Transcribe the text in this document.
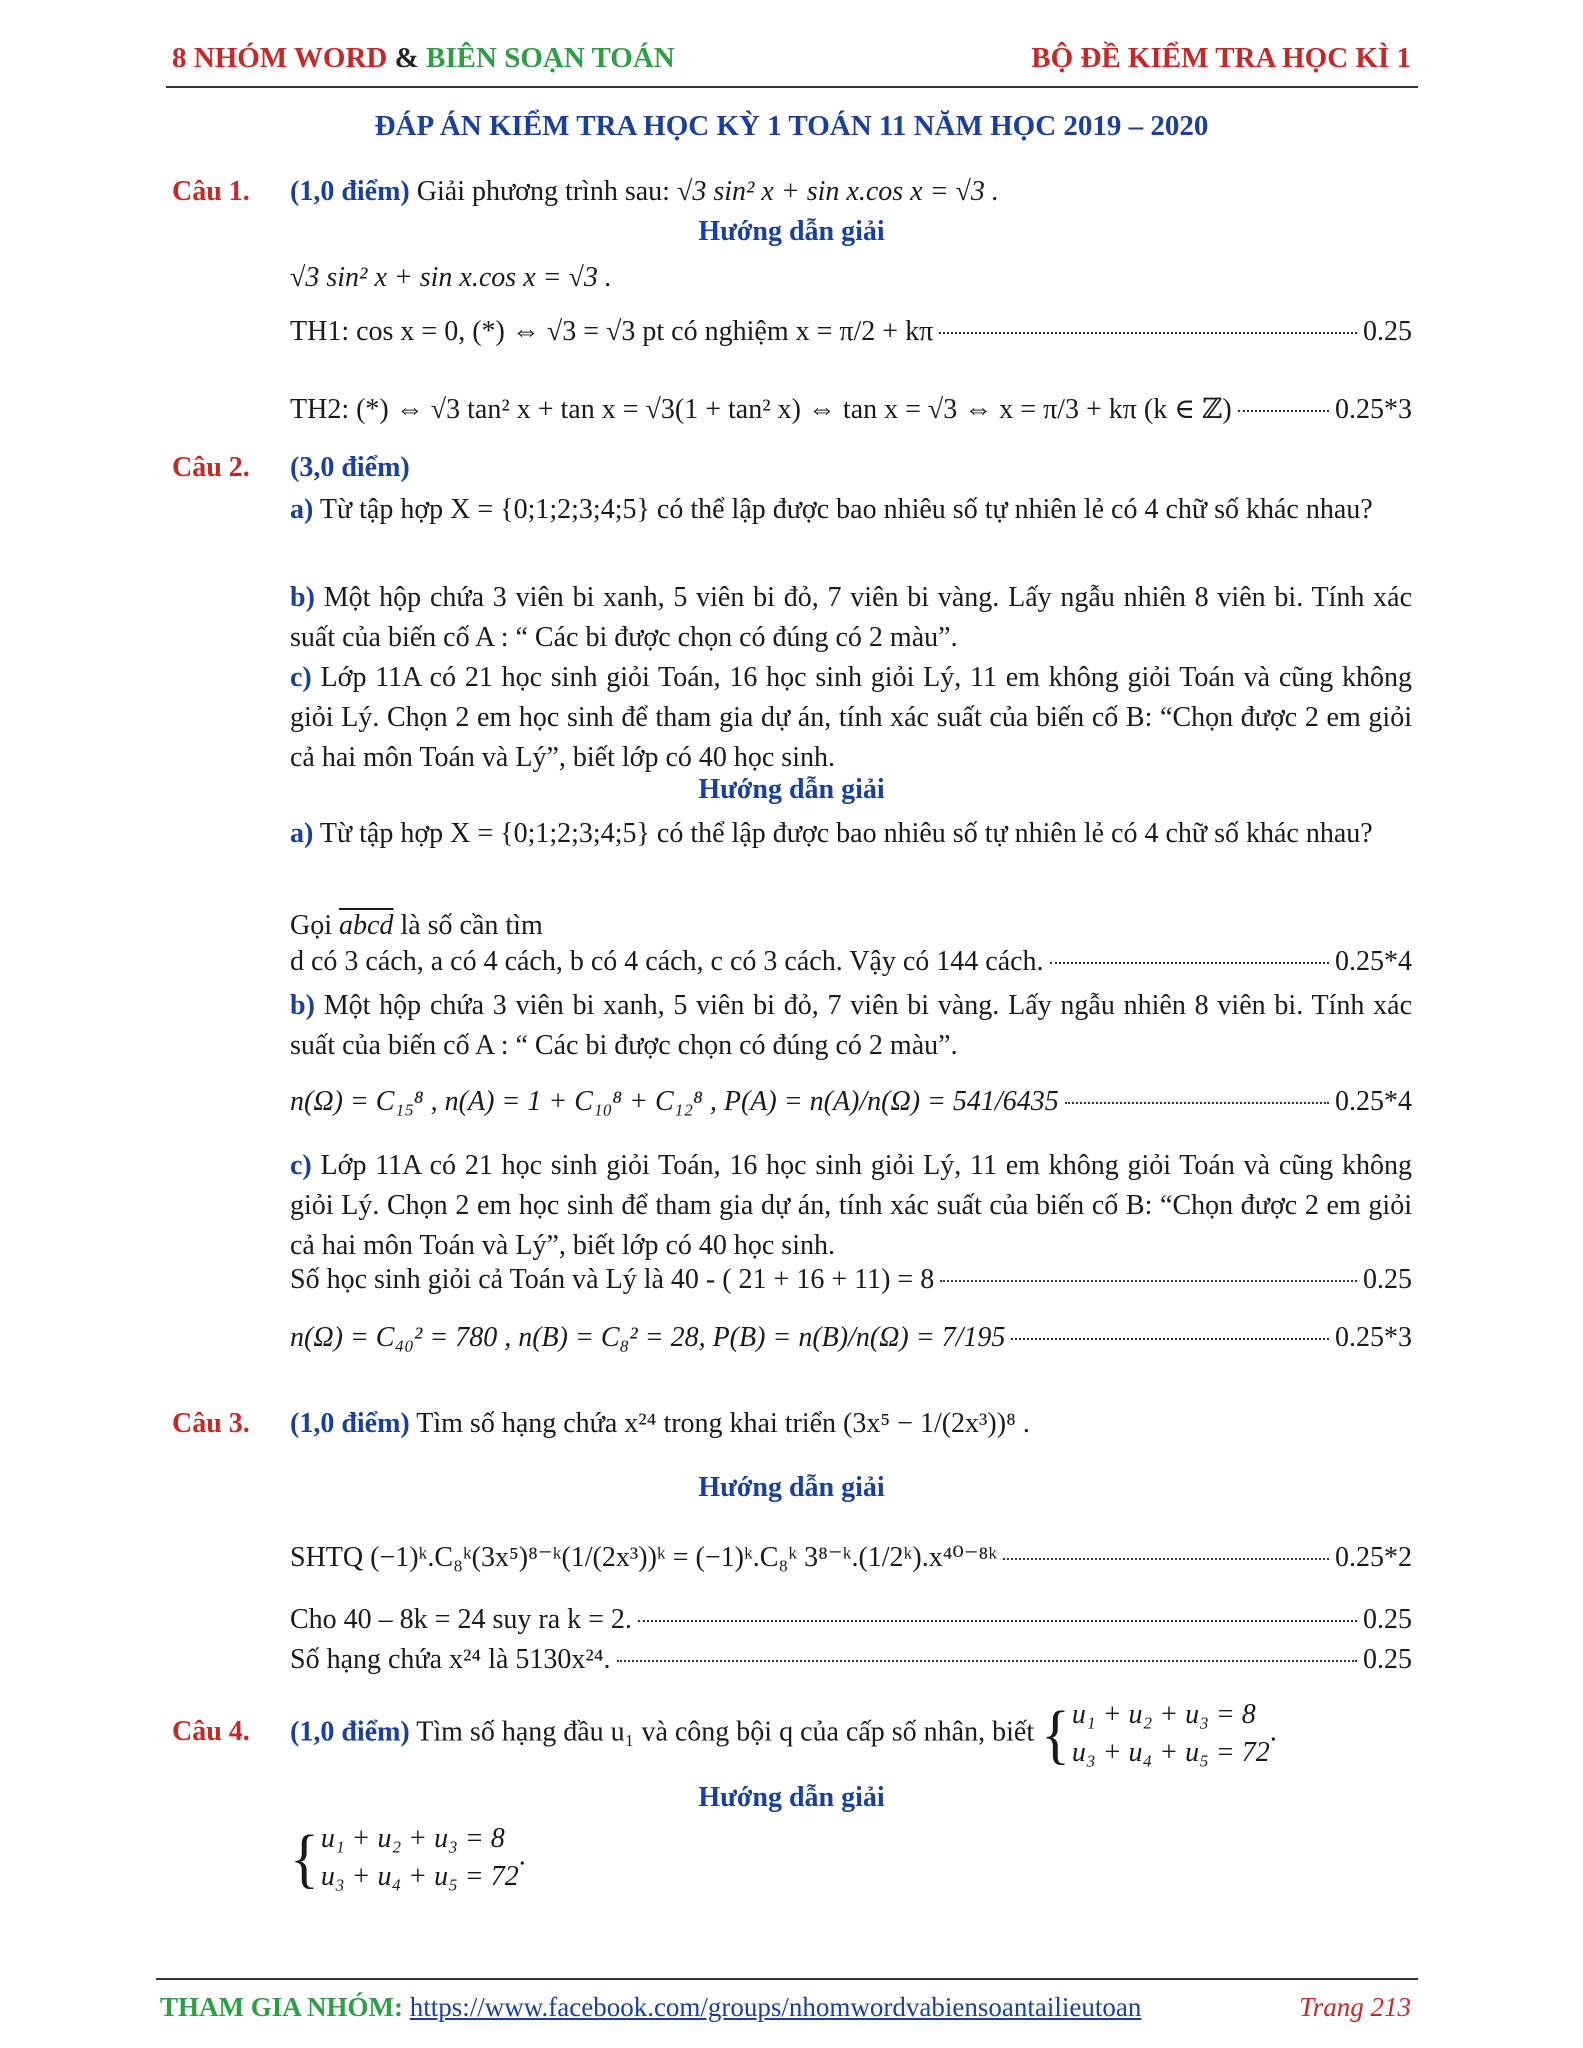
8 NHÓM WORD & BIÊN SOẠN TOÁN	BỘ ĐỀ KIỂM TRA HỌC KÌ 1
ĐÁP ÁN KIỂM TRA HỌC KỲ 1 TOÁN 11 NĂM HỌC 2019 – 2020
Câu 1. (1,0 điểm) Giải phương trình sau: √3 sin² x + sin x.cos x = √3 .
Hướng dẫn giải
√3 sin² x + sin x.cos x = √3 .
TH1:
cos x = 0, (*) ⇔ √3 = √3 pt có nghiệm x = π/2 + kπ	0.25
TH2:
(*) ⇔ √3 tan² x + tan x = √3(1 + tan² x) ⇔ tan x = √3 ⇔ x = π/3 + kπ (k ∈ ℤ)	0.25*3
Câu 2. (3,0 điểm)
a) Từ tập hợp X = {0;1;2;3;4;5} có thể lập được bao nhiêu số tự nhiên lẻ có 4 chữ số khác nhau?
b) Một hộp chứa 3 viên bi xanh, 5 viên bi đỏ, 7 viên bi vàng. Lấy ngẫu nhiên 8 viên bi. Tính xác suất của biến cố A : “ Các bi được chọn có đúng có 2 màu”.
c) Lớp 11A có 21 học sinh giỏi Toán, 16 học sinh giỏi Lý, 11 em không giỏi Toán và cũng không giỏi Lý. Chọn 2 em học sinh để tham gia dự án, tính xác suất của biến cố B: “Chọn được 2 em giỏi cả hai môn Toán và Lý”, biết lớp có 40 học sinh.
Hướng dẫn giải
a) Từ tập hợp X = {0;1;2;3;4;5} có thể lập được bao nhiêu số tự nhiên lẻ có 4 chữ số khác nhau?
Gọi abcd là số cần tìm
d có 3 cách, a có 4 cách, b có 4 cách, c có 3 cách. Vậy có 144 cách.	0.25*4
b) Một hộp chứa 3 viên bi xanh, 5 viên bi đỏ, 7 viên bi vàng. Lấy ngẫu nhiên 8 viên bi. Tính xác suất của biến cố A : “ Các bi được chọn có đúng có 2 màu”.
n(Ω) = C₁₅⁸ , n(A) = 1 + C₁₀⁸ + C₁₂⁸ , P(A) = n(A)/n(Ω) = 541/6435	0.25*4
c) Lớp 11A có 21 học sinh giỏi Toán, 16 học sinh giỏi Lý, 11 em không giỏi Toán và cũng không giỏi Lý. Chọn 2 em học sinh để tham gia dự án, tính xác suất của biến cố B: “Chọn được 2 em giỏi cả hai môn Toán và Lý”, biết lớp có 40 học sinh.
Số học sinh giỏi cả Toán và Lý là 40 - ( 21 + 16 + 11) = 8	0.25
n(Ω) = C₄₀² = 780 , n(B) = C₈² = 28, P(B) = n(B)/n(Ω) = 7/195	0.25*3
Câu 3. (1,0 điểm) Tìm số hạng chứa x²⁴ trong khai triển (3x⁵ − 1/(2x³))⁸ .
Hướng dẫn giải
SHTQ (−1)ᵏ.C₈ᵏ(3x⁵)⁸⁻ᵏ(1/(2x³))ᵏ = (−1)ᵏ.C₈ᵏ 3⁸⁻ᵏ.(1/2ᵏ).x⁴⁰⁻⁸ᵏ	0.25*2
Cho 40 – 8k = 24 suy ra k = 2.	0.25
Số hạng chứa x²⁴ là 5130x²⁴.	0.25
Câu 4. (1,0 điểm) Tìm số hạng đầu u₁ và công bội q của cấp số nhân, biết { u₁ + u₂ + u₃ = 8
u₃ + u₄ + u₅ = 72
.
Hướng dẫn giải
{ u₁ + u₂ + u₃ = 8
u₃ + u₄ + u₅ = 72
.
THAM GIA NHÓM: https://www.facebook.com/groups/nhomwordvabiensoantailieutoan	Trang 213
